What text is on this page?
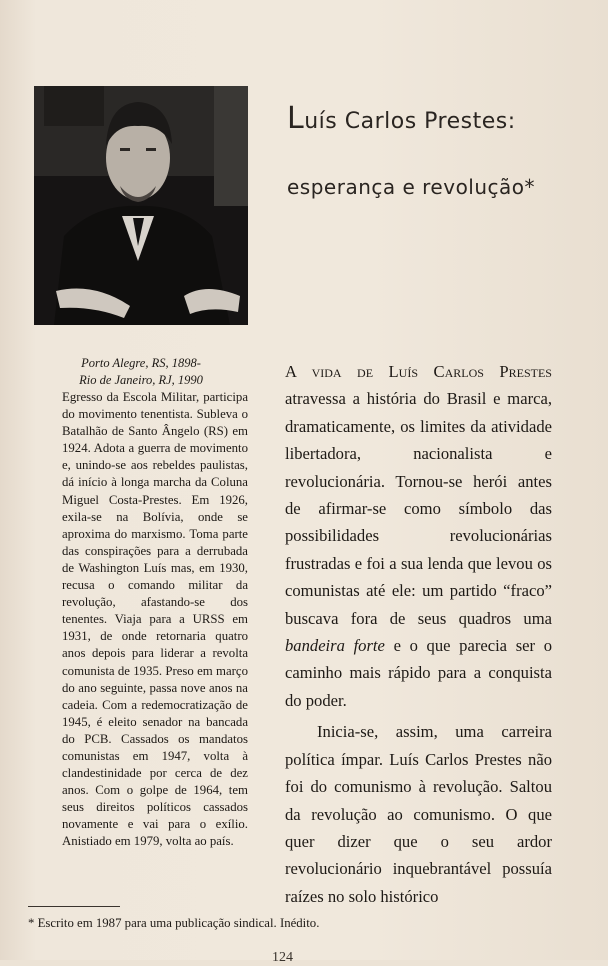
Porto Alegre, RS, 1898-
Rio de Janeiro, RJ, 1990
Egresso da Escola Militar, participa do movimento tenentista. Subleva o Batalhão de Santo Ângelo (RS) em 1924. Adota a guerra de movimento e, unindo-se aos rebeldes paulistas, dá início à longa marcha da Coluna Miguel Costa-Prestes. Em 1926, exila-se na Bolívia, onde se aproxima do marxismo. Toma parte das conspirações para a derrubada de Washington Luís mas, em 1930, recusa o comando militar da revolução, afastando-se dos tenentes. Viaja para a URSS em 1931, de onde retornaria quatro anos depois para liderar a revolta comunista de 1935. Preso em março do ano seguinte, passa nove anos na cadeia. Com a redemocratização de 1945, é eleito senador na bancada do PCB. Cassados os mandatos comunistas em 1947, volta à clandestinidade por cerca de dez anos. Com o golpe de 1964, tem seus direitos políticos cassados novamente e vai para o exílio. Anistiado em 1979, volta ao país.
Luís Carlos Prestes:
esperança e revolução*

A vida de Luís Carlos Prestes atravessa a história do Brasil e marca, dramaticamente, os limites da atividade libertadora, nacionalista e revolucionária. Tornou-se herói antes de afirmar-se como símbolo das possibilidades revolucionárias frustradas e foi a sua lenda que levou os comunistas até ele: um partido “fraco” buscava fora de seus quadros uma bandeira forte e o que parecia ser o caminho mais rápido para a conquista do poder.

Inicia-se, assim, uma carreira política ímpar. Luís Carlos Prestes não foi do comunismo à revolução. Saltou da revolução ao comunismo. O que quer dizer que o seu ardor revolucionário inquebrantável possuía raízes no solo histórico

* Escrito em 1987 para uma publicação sindical. Inédito.
124
